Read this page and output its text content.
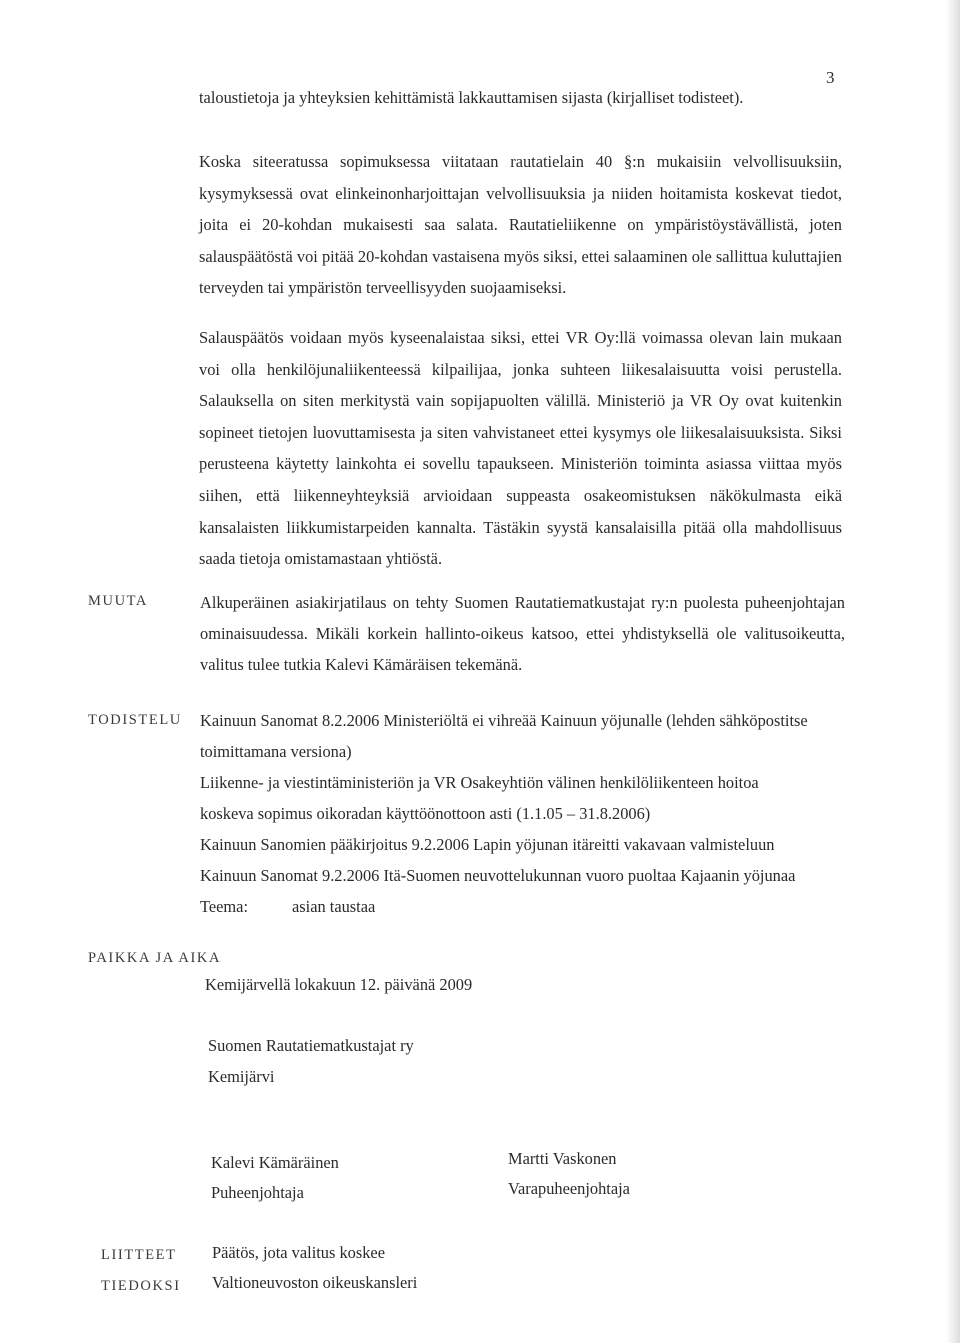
3
taloustietoja ja yhteyksien kehittämistä lakkauttamisen sijasta (kirjalliset todisteet).

Koska siteeratussa sopimuksessa viitataan rautatielain 40 §:n mukaisiin velvollisuuksiin, kysymyksessä ovat elinkeinonharjoittajan velvollisuuksia ja niiden hoitamista koskevat tiedot, joita ei 20-kohdan mukaisesti saa salata. Rautatieliikenne on ympäristöystävällistä, joten salauspäätöstä voi pitää 20-kohdan vastaisena myös siksi, ettei salaaminen ole sallittua kuluttajien terveyden tai ympäristön terveellisyyden suojaamiseksi.

Salauspäätös voidaan myös kyseenalaistaa siksi, ettei VR Oy:llä voimassa olevan lain mukaan voi olla henkilöjunaliikenteessä kilpailijaa, jonka suhteen liikesalaisuutta voisi perustella. Salauksella on siten merkitystä vain sopijapuolten välillä. Ministeriö ja VR Oy ovat kuitenkin sopineet tietojen luovuttamisesta ja siten vahvistaneet ettei kysymys ole liikesalaisuuksista. Siksi perusteena käytetty lainkohta ei sovellu tapaukseen. Ministeriön toiminta asiassa viittaa myös siihen, että liikenneyhteyksiä arvioidaan suppeasta osakeomistuksen näkökulmasta eikä kansalaisten liikkumistarpeiden kannalta. Tästäkin syystä kansalaisilla pitää olla mahdollisuus saada tietoja omistamastaan yhtiöstä.

MUUTA	Alkuperäinen asiakirjatilaus on tehty Suomen Rautatiematkustajat ry:n puolesta puheenjohtajan ominaisuudessa. Mikäli korkein hallinto-oikeus katsoo, ettei yhdistyksellä ole valitusoikeutta, valitus tulee tutkia Kalevi Kämäräisen tekemänä.
TODISTELU Kainuun Sanomat 8.2.2006 Ministeriöltä ei vihreää Kainuun yöjunalle (lehden sähköpostitse
toimittamana versiona)
Liikenne- ja viestintäministeriön ja VR Osakeyhtiön välinen henkilöliikenteen hoitoa
koskeva sopimus oikoradan käyttöönottoon asti (1.1.05 – 31.8.2006)
Kainuun Sanomien pääkirjoitus 9.2.2006 Lapin yöjunan itäreitti vakavaan valmisteluun
Kainuun Sanomat 9.2.2006 Itä-Suomen neuvottelukunnan vuoro puoltaa Kajaanin yöjunaa
Teema:	asian taustaa
PAIKKA JA AIKA
Kemijärvellä lokakuun 12. päivänä 2009
Suomen Rautatiematkustajat ry
Kemijärvi
Kalevi Kämäräinen
Puheenjohtaja
Martti Vaskonen
Varapuheenjohtaja
LIITTEET Päätös, jota valitus koskee
TIEDOKSI Valtioneuvoston oikeuskansleri
